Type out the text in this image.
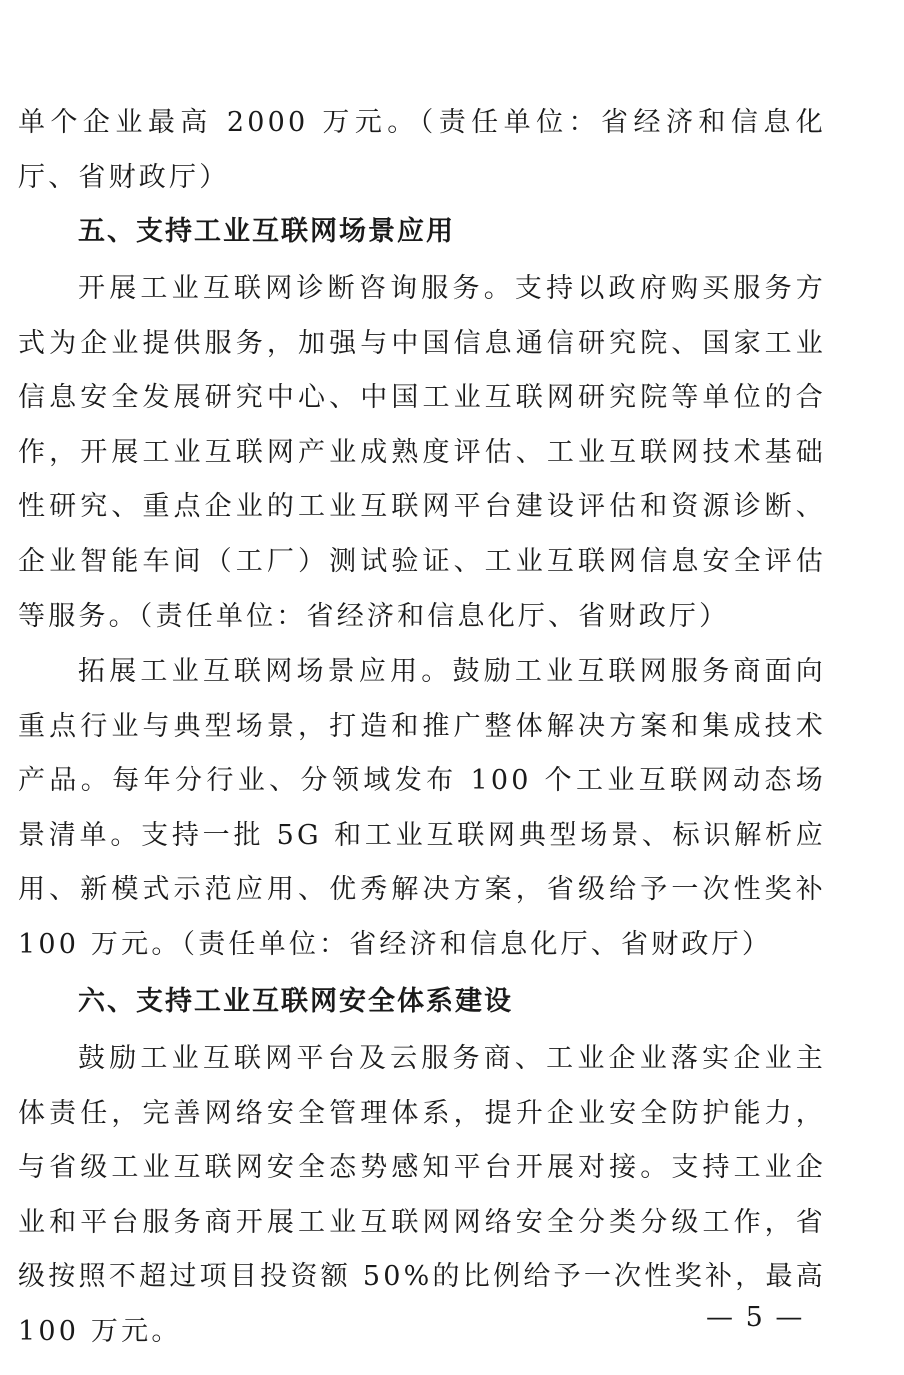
单个企业最高 2000 万元。（责任单位：省经济和信息化厅、省财政厅）

五、支持工业互联网场景应用

开展工业互联网诊断咨询服务。支持以政府购买服务方式为企业提供服务，加强与中国信息通信研究院、国家工业信息安全发展研究中心、中国工业互联网研究院等单位的合作，开展工业互联网产业成熟度评估、工业互联网技术基础性研究、重点企业的工业互联网平台建设评估和资源诊断、企业智能车间（工厂）测试验证、工业互联网信息安全评估等服务。（责任单位：省经济和信息化厅、省财政厅）

拓展工业互联网场景应用。鼓励工业互联网服务商面向重点行业与典型场景，打造和推广整体解决方案和集成技术产品。每年分行业、分领域发布 100 个工业互联网动态场景清单。支持一批 5G 和工业互联网典型场景、标识解析应用、新模式示范应用、优秀解决方案，省级给予一次性奖补 100 万元。（责任单位：省经济和信息化厅、省财政厅）

六、支持工业互联网安全体系建设

鼓励工业互联网平台及云服务商、工业企业落实企业主体责任，完善网络安全管理体系，提升企业安全防护能力，与省级工业互联网安全态势感知平台开展对接。支持工业企业和平台服务商开展工业互联网网络安全分类分级工作，省级按照不超过项目投资额 50%的比例给予一次性奖补，最高 100 万元。	— 5 —
